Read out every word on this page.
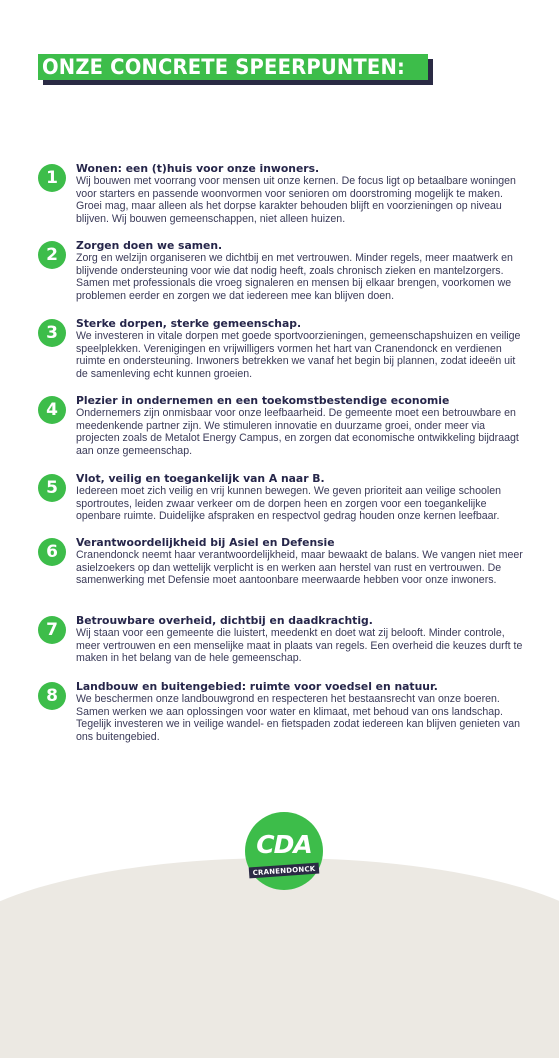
ONZE CONCRETE SPEERPUNTEN:
1	Wonen: een (t)huis voor onze inwoners.

Wij bouwen met voorrang voor mensen uit onze kernen. De focus ligt op betaalbare woningen voor starters en passende woonvormen voor senioren om doorstroming mogelijk te maken. Groei mag, maar alleen als het dorpse karakter behouden blijft en voorzieningen op niveau blijven. Wij bouwen gemeenschappen, niet alleen huizen.

2	Zorgen doen we samen.

Zorg en welzijn organiseren we dichtbij en met vertrouwen. Minder regels, meer maatwerk en blijvende ondersteuning voor wie dat nodig heeft, zoals chronisch zieken en mantelzorgers. Samen met professionals die vroeg signaleren en mensen bij elkaar brengen, voorkomen we problemen eerder en zorgen we dat iedereen mee kan blijven doen.

3	Sterke dorpen, sterke gemeenschap.

We investeren in vitale dorpen met goede sportvoorzieningen, gemeenschapshuizen en veilige speelplekken. Verenigingen en vrijwilligers vormen het hart van Cranendonck en verdienen ruimte en ondersteuning. Inwoners betrekken we vanaf het begin bij plannen, zodat ideeën uit de samenleving echt kunnen groeien.

4	Plezier in ondernemen en een toekomstbestendige economie

Ondernemers zijn onmisbaar voor onze leefbaarheid. De gemeente moet een betrouwbare en meedenkende partner zijn. We stimuleren innovatie en duurzame groei, onder meer via projecten zoals de Metalot Energy Campus, en zorgen dat economische ontwikkeling bijdraagt aan onze gemeenschap.

5	Vlot, veilig en toegankelijk van A naar B.

Iedereen moet zich veilig en vrij kunnen bewegen. We geven prioriteit aan veilige schoolen sportroutes, leiden zwaar verkeer om de dorpen heen en zorgen voor een toegankelijke openbare ruimte. Duidelijke afspraken en respectvol gedrag houden onze kernen leefbaar.

6	Verantwoordelijkheid bij Asiel en Defensie

Cranendonck neemt haar verantwoordelijkheid, maar bewaakt de balans. We vangen niet meer asielzoekers op dan wettelijk verplicht is en werken aan herstel van rust en vertrouwen. De samenwerking met Defensie moet aantoonbare meerwaarde hebben voor onze inwoners.

7	Betrouwbare overheid, dichtbij en daadkrachtig.

Wij staan voor een gemeente die luistert, meedenkt en doet wat zij belooft. Minder controle, meer vertrouwen en een menselijke maat in plaats van regels. Een overheid die keuzes durft te maken in het belang van de hele gemeenschap.

8	Landbouw en buitengebied: ruimte voor voedsel en natuur.

We beschermen onze landbouwgrond en respecteren het bestaansrecht van onze boeren. Samen werken we aan oplossingen voor water en klimaat, met behoud van ons landschap. Tegelijk investeren we in veilige wandel- en fietspaden zodat iedereen kan blijven genieten van ons buitengebied.

CDA
CRANENDONCK
